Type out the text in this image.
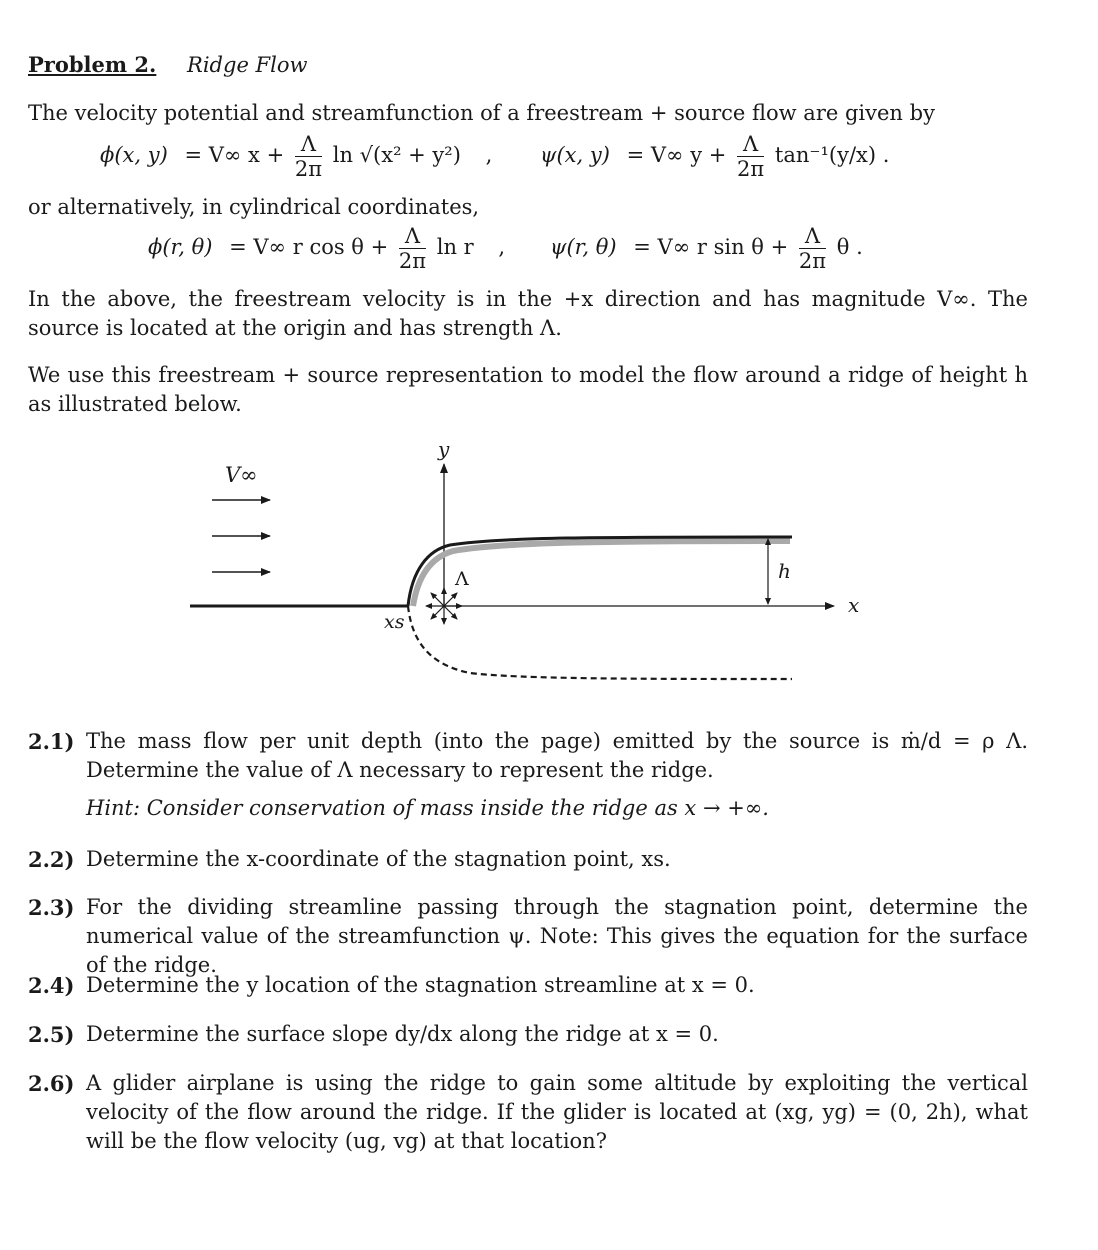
Problem 2. Ridge Flow
The velocity potential and streamfunction of a freestream + source flow are given by
ϕ(x, y) = V∞ $x + \frac{\Lambda}{2\pi}$ ln √(x² + y²) , ψ(x, y) = V∞ $y + \frac{\Lambda}{2\pi} \tan^{-1}(y/x)$ .
or alternatively, in cylindrical coordinates,
ϕ(r, θ) = V∞ r $\cos \theta + \frac{\Lambda}{2\pi}$ ln r , ψ(r, θ) = V∞ r $\sin \theta + \frac{\Lambda}{2\pi}$ θ .
In the above, the freestream velocity is in the +x direction and has magnitude V∞. The source is located at the origin and has strength Λ.
We use this freestream + source representation to model the flow around a ridge of height h as illustrated below.
V∞
y
x
h
Λ
xs
2.1) The mass flow per unit depth (into the page) emitted by the source is ṁ/d = ρ Λ. Determine the value of Λ necessary to represent the ridge.
Hint: Consider conservation of mass inside the ridge as x → +∞.
2.2) Determine the x-coordinate of the stagnation point, xs.
2.3) For the dividing streamline passing through the stagnation point, determine the numerical value of the streamfunction ψ. Note: This gives the equation for the surface of the ridge.
2.4) Determine the y location of the stagnation streamline at x = 0.
2.5) Determine the surface slope dy/dx along the ridge at x = 0.
2.6) A glider airplane is using the ridge to gain some altitude by exploiting the vertical velocity of the flow around the ridge. If the glider is located at (xg, yg) = (0, 2h), what will be the flow velocity (ug, vg) at that location?
